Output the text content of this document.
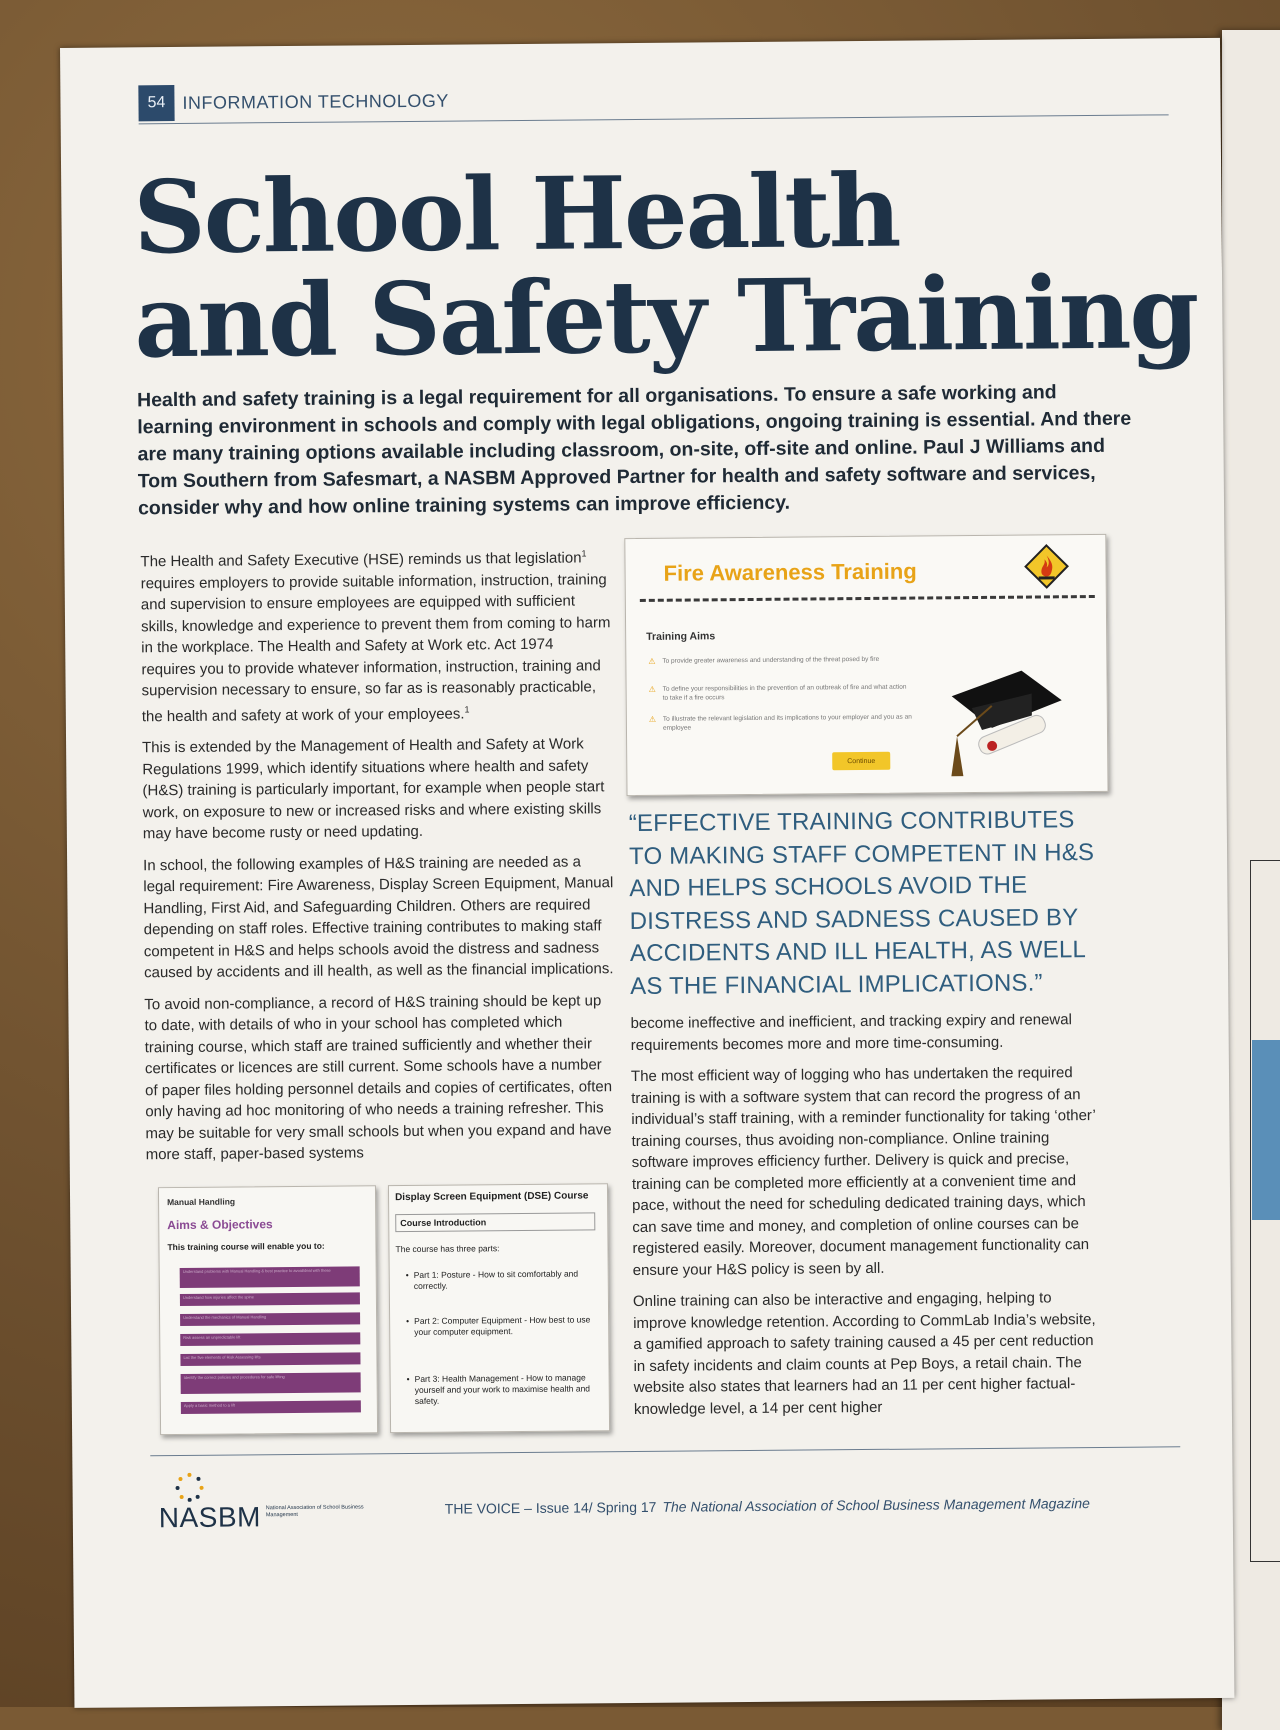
54 INFORMATION TECHNOLOGY
School Health
and Safety Training
Health and safety training is a legal requirement for all organisations. To ensure a safe working and learning environment in schools and comply with legal obligations, ongoing training is essential. And there are many training options available including classroom, on-site, off-site and online. Paul J Williams and Tom Southern from Safesmart, a NASBM Approved Partner for health and safety software and services, consider why and how online training systems can improve efficiency.

The Health and Safety Executive (HSE) reminds us that legislation$^1$ requires employers to provide suitable information, instruction, training and supervision to ensure employees are equipped with sufficient skills, knowledge and experience to prevent them from coming to harm in the workplace. The Health and Safety at Work etc. Act 1974 requires you to provide whatever information, instruction, training and supervision necessary to ensure, so far as is reasonably practicable, the health and safety at work of your employees.$^1$

This is extended by the Management of Health and Safety at Work Regulations 1999, which identify situations where health and safety (H&S) training is particularly important, for example when people start work, on exposure to new or increased risks and where existing skills may have become rusty or need updating.

In school, the following examples of H&S training are needed as a legal requirement: Fire Awareness, Display Screen Equipment, Manual Handling, First Aid, and Safeguarding Children. Others are required depending on staff roles. Effective training contributes to making staff competent in H&S and helps schools avoid the distress and sadness caused by accidents and ill health, as well as the financial implications.

To avoid non-compliance, a record of H&S training should be kept up to date, with details of who in your school has completed which training course, which staff are trained sufficiently and whether their certificates or licences are still current. Some schools have a number of paper files holding personnel details and copies of certificates, often only having ad hoc monitoring of who needs a training refresher. This may be suitable for very small schools but when you expand and have more staff, paper-based systems

Fire Awareness Training
Training Aims
⚠ To provide greater awareness and understanding of the threat posed by fire
⚠ To define your responsibilities in the prevention of an outbreak of fire and what action to take if a fire occurs
⚠ To illustrate the relevant legislation and its implications to your employer and you as an employee
Continue
“EFFECTIVE TRAINING CONTRIBUTES TO MAKING STAFF COMPETENT IN H&S AND HELPS SCHOOLS AVOID THE DISTRESS AND SADNESS CAUSED BY ACCIDENTS AND ILL HEALTH, AS WELL AS THE FINANCIAL IMPLICATIONS.”

become ineffective and inefficient, and tracking expiry and renewal requirements becomes more and more time-consuming.

The most efficient way of logging who has undertaken the required training is with a software system that can record the progress of an individual’s staff training, with a reminder functionality for taking ‘other’ training courses, thus avoiding non-compliance. Online training software improves efficiency further. Delivery is quick and precise, training can be completed more efficiently at a convenient time and pace, without the need for scheduling dedicated training days, which can save time and money, and completion of online courses can be registered easily. Moreover, document management functionality can ensure your H&S policy is seen by all.

Online training can also be interactive and engaging, helping to improve knowledge retention. According to CommLab India’s website, a gamified approach to safety training caused a 45 per cent reduction in safety incidents and claim counts at Pep Boys, a retail chain. The website also states that learners had an 11 per cent higher factual-knowledge level, a 14 per cent higher

Manual Handling
Aims & Objectives
This training course will enable you to:
Understand problems with Manual Handling & best practice to avoid/deal with these
Understand how injuries affect the spine
Understand the mechanics of Manual Handling
Risk assess an unpredictable lift
List the five elements of Risk Assessing lifts
Identify the correct policies and procedures for safe lifting
Apply a basic method to a lift
Display Screen Equipment (DSE) Course
Course Introduction
The course has three parts:
• Part 1: Posture - How to sit comfortably and correctly.
• Part 2: Computer Equipment - How best to use your computer equipment.
• Part 3: Health Management - How to manage yourself and your work to maximise health and safety.
NASBM National Association of School Business Management	THE VOICE – Issue 14/ Spring 17 The National Association of School Business Management Magazine
